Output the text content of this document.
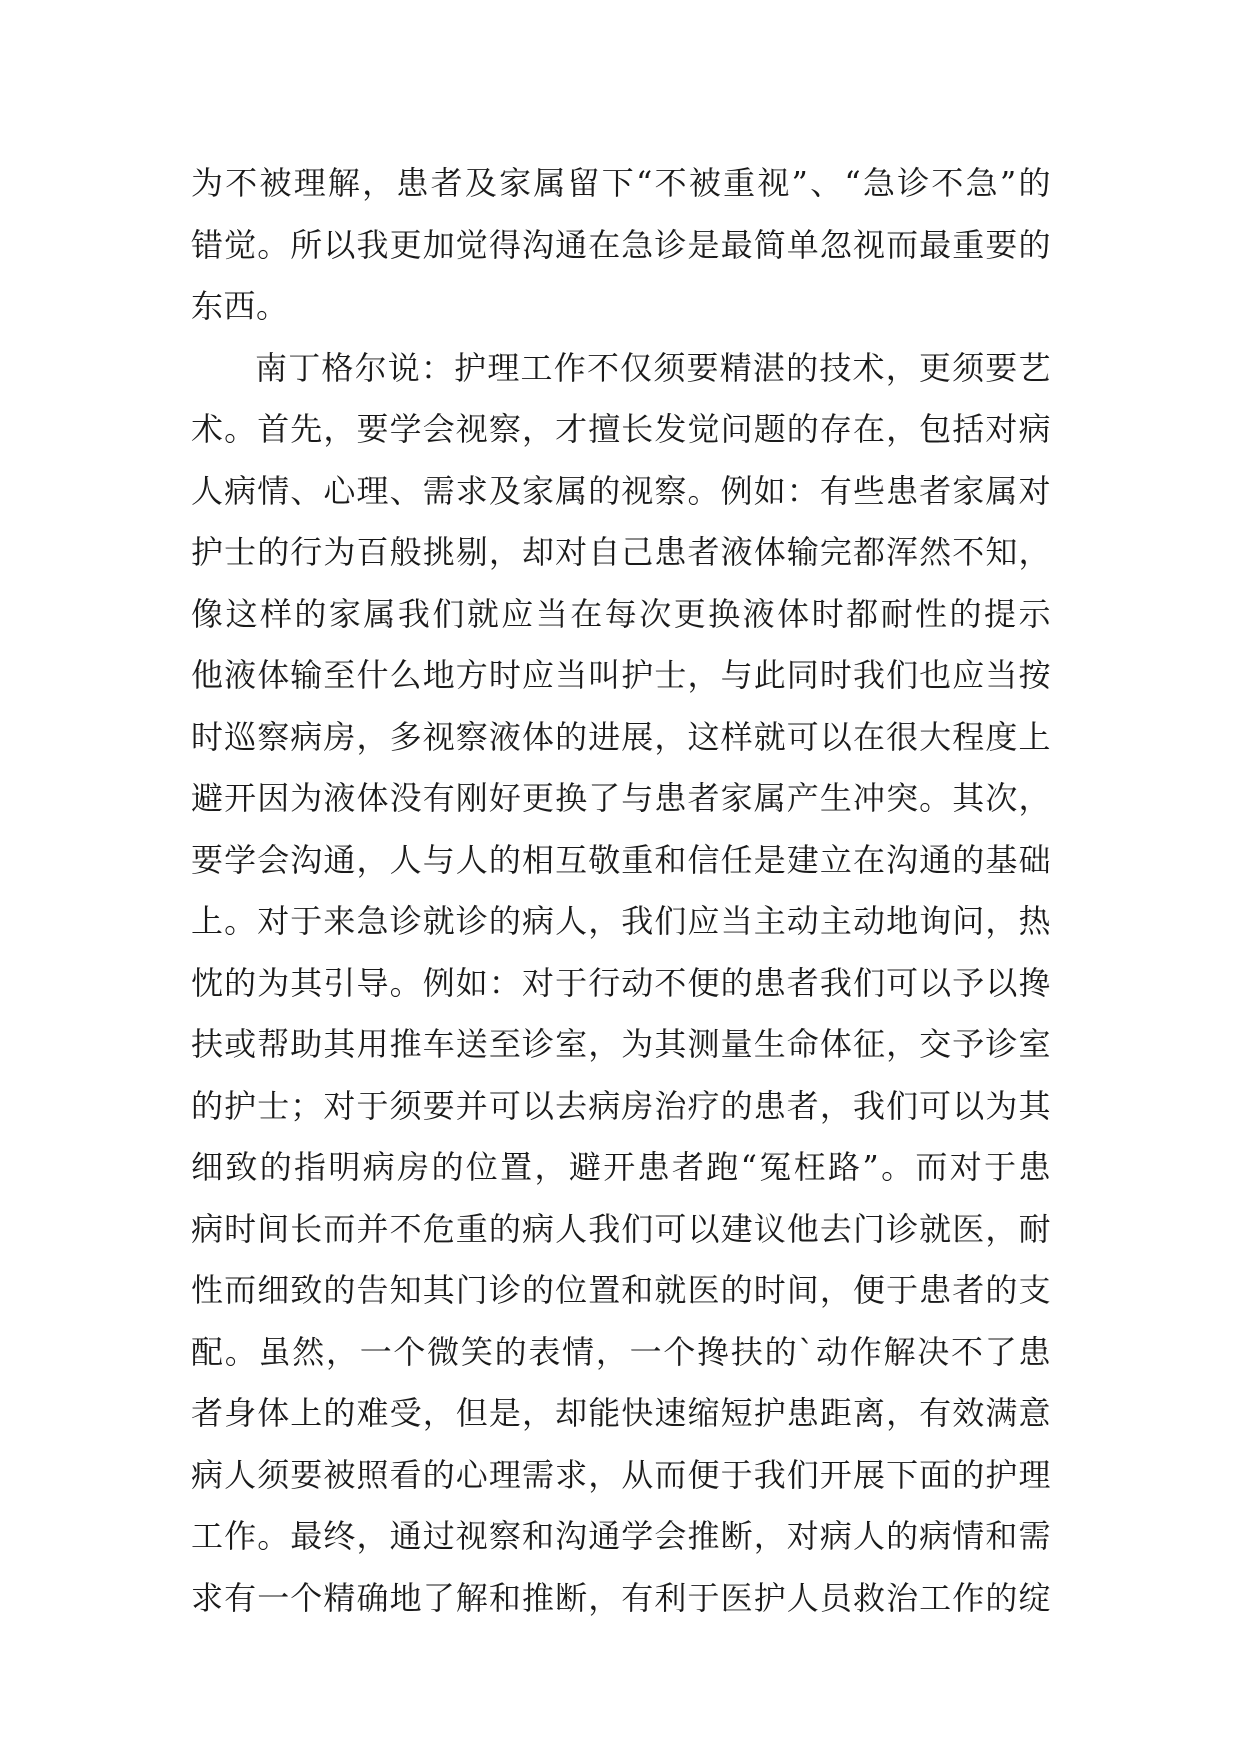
为不被理解，患者及家属留下“不被重视”、“急诊不急”的
错觉。所以我更加觉得沟通在急诊是最简单忽视而最重要的
东西。
南丁格尔说：护理工作不仅须要精湛的技术，更须要艺
术。首先，要学会视察，才擅长发觉问题的存在，包括对病
人病情、心理、需求及家属的视察。例如：有些患者家属对
护士的行为百般挑剔，却对自己患者液体输完都浑然不知，
像这样的家属我们就应当在每次更换液体时都耐性的提示
他液体输至什么地方时应当叫护士，与此同时我们也应当按
时巡察病房，多视察液体的进展，这样就可以在很大程度上
避开因为液体没有刚好更换了与患者家属产生冲突。其次，
要学会沟通，人与人的相互敬重和信任是建立在沟通的基础
上。对于来急诊就诊的病人，我们应当主动主动地询问，热
忱的为其引导。例如：对于行动不便的患者我们可以予以搀
扶或帮助其用推车送至诊室，为其测量生命体征，交予诊室
的护士；对于须要并可以去病房治疗的患者，我们可以为其
细致的指明病房的位置，避开患者跑“冤枉路”。而对于患
病时间长而并不危重的病人我们可以建议他去门诊就医，耐
性而细致的告知其门诊的位置和就医的时间，便于患者的支
配。虽然，一个微笑的表情，一个搀扶的`动作解决不了患
者身体上的难受，但是，却能快速缩短护患距离，有效满意
病人须要被照看的心理需求，从而便于我们开展下面的护理
工作。最终，通过视察和沟通学会推断，对病人的病情和需
求有一个精确地了解和推断，有利于医护人员救治工作的绽
